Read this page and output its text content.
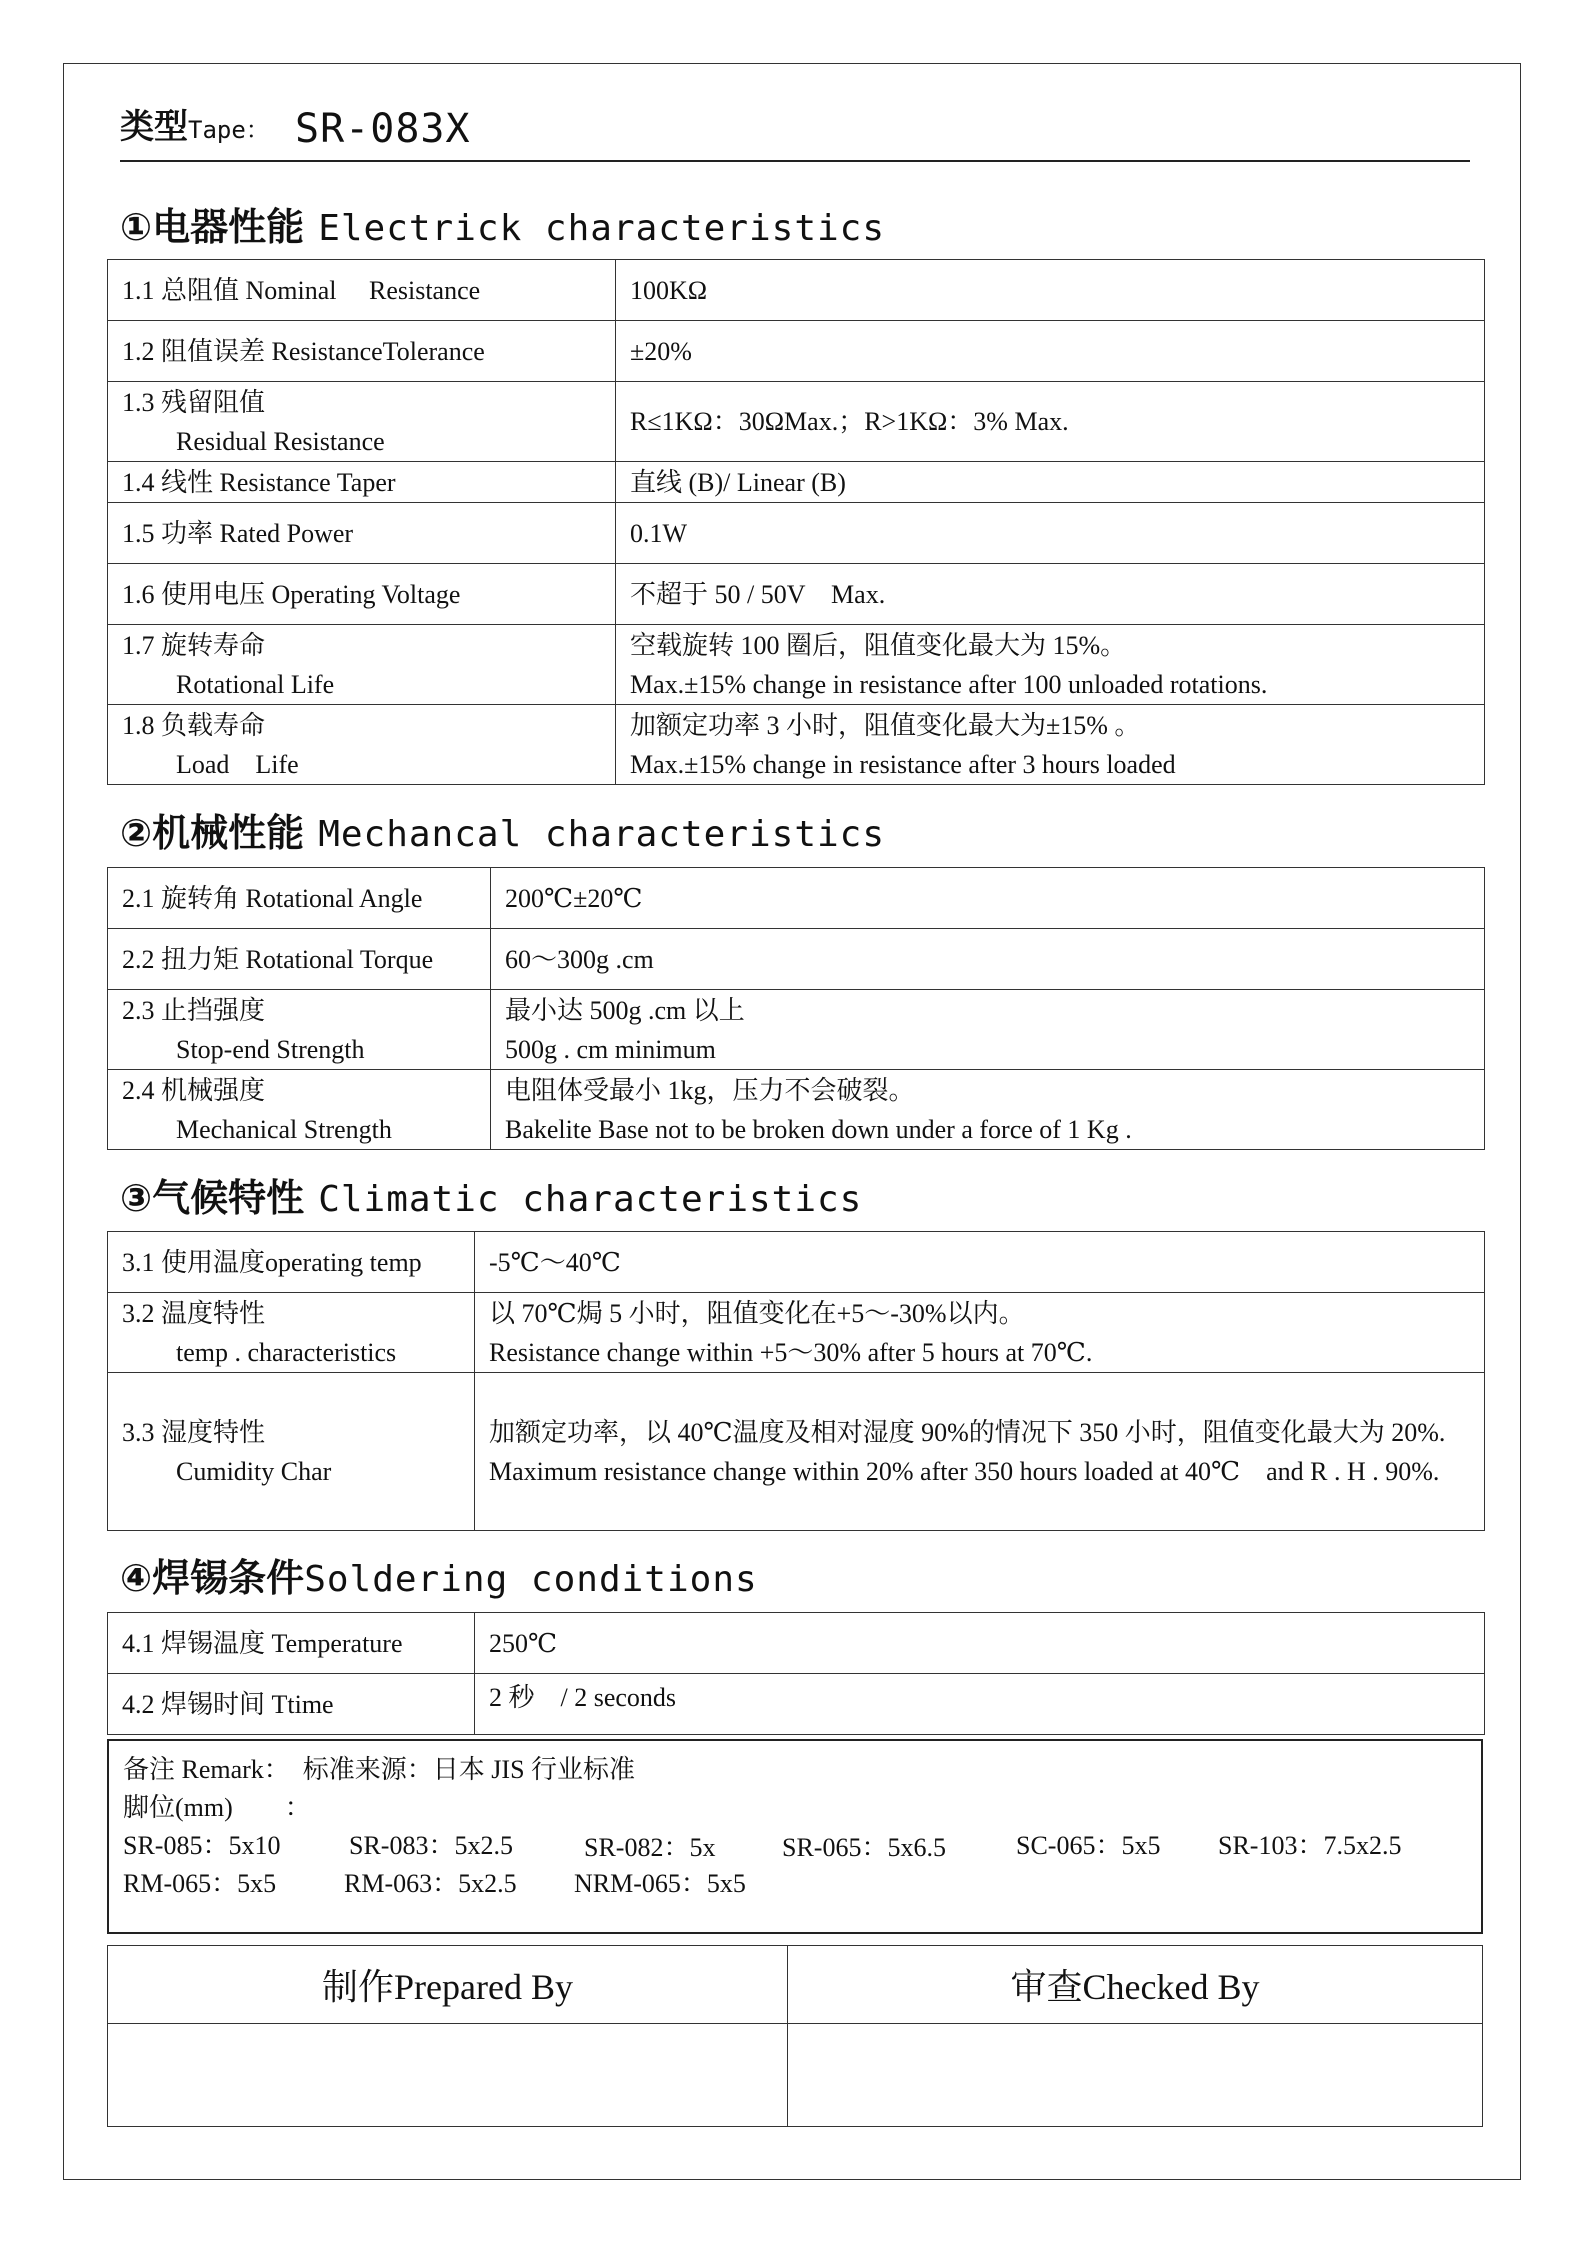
类型Tape： SR-083X
①电器性能 Electrick characteristics
1.1 总阻值 Nominal　 Resistance	100KΩ
1.2 阻值误差 ResistanceTolerance	±20%
1.3 残留阻值
Residual Resistance	R≤1KΩ：30ΩMax.；R>1KΩ：3% Max.
1.4 线性 Resistance Taper	直线 (B)/ Linear (B)
1.5 功率 Rated Power	0.1W
1.6 使用电压 Operating Voltage	不超于 50 / 50V　Max.
1.7 旋转寿命
Rotational Life	空载旋转 100 圈后，阻值变化最大为 15%。
Max.±15% change in resistance after 100 unloaded rotations.
1.8 负载寿命
Load　Life	加额定功率 3 小时，阻值变化最大为±15% 。
Max.±15% change in resistance after 3 hours loaded
②机械性能 Mechancal characteristics
2.1 旋转角 Rotational Angle	200℃±20℃
2.2 扭力矩 Rotational Torque	60～300g .cm
2.3 止挡强度
Stop-end Strength	最小达 500g .cm 以上
500g . cm minimum
2.4 机械强度
Mechanical Strength	电阻体受最小 1kg，压力不会破裂。
Bakelite Base not to be broken down under a force of 1 Kg .
③气候特性 Climatic characteristics
3.1 使用温度operating temp	-5℃～40℃
3.2 温度特性
temp . characteristics	以 70℃焗 5 小时，阻值变化在+5～-30%以内。
Resistance change within +5～30% after 5 hours at 70℃.
3.3 湿度特性
Cumidity Char	加额定功率，以 40℃温度及相对湿度 90%的情况下 350 小时，阻值变化最大为 20%.
Maximum resistance change within 20% after 350 hours loaded at 40℃　and R . H . 90%.
④焊锡条件Soldering conditions
4.1 焊锡温度 Temperature	250℃
4.2 焊锡时间 Ttime	2 秒　/ 2 seconds
备注 Remark：　标准来源：日本 JIS 行业标准
脚位(mm)　　：
SR-085：5x10	SR-083：5x2.5	SR-082：5x	SR-065：5x6.5	SC-065：5x5 SR-103：7.5x2.5
RM-065：5x5	RM-063：5x2.5 NRM-065：5x5
制作Prepared By	审查Checked By
